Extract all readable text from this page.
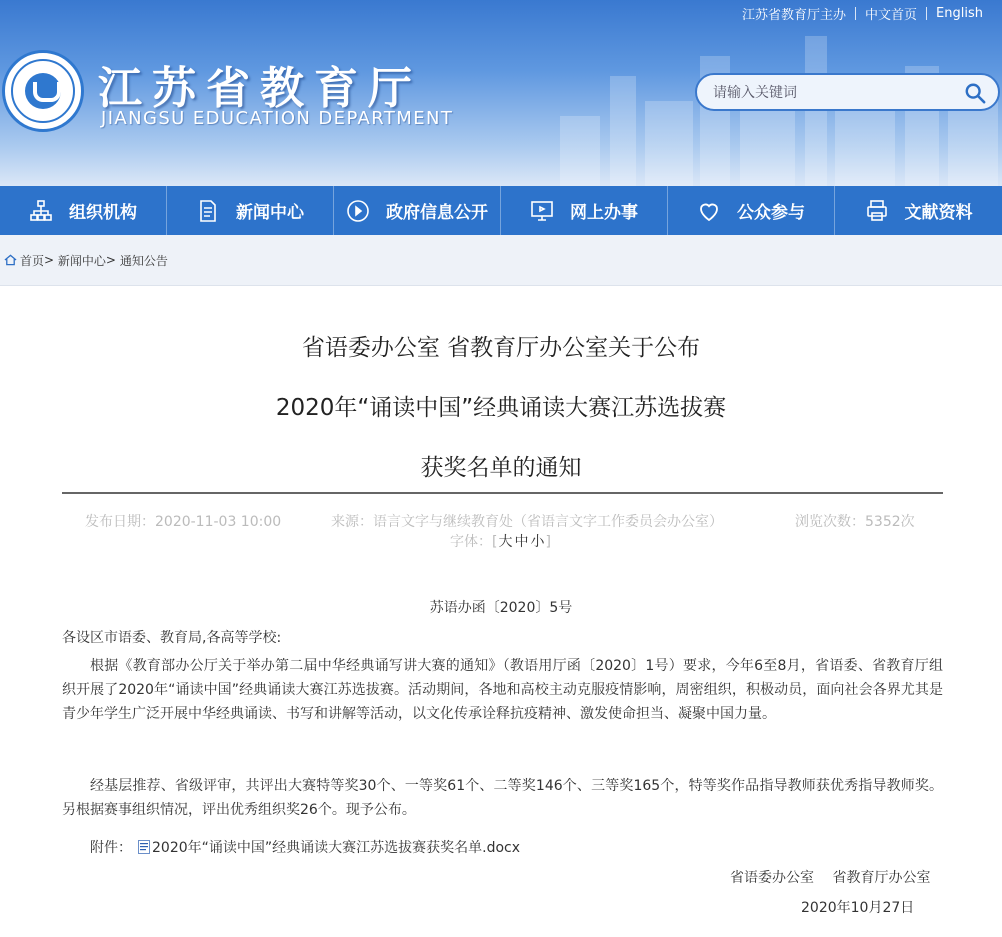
江苏省教育厅主办	中文首页	English
江苏省教育厅
JIANGSU EDUCATION DEPARTMENT
请输入关键词
组织机构	新闻中心	政府信息公开	网上办事	公众参与	文献资料
首页 >
新闻中心 >
通知公告
省语委办公室 省教育厅办公室关于公布
2020年“诵读中国”经典诵读大赛江苏选拔赛
获奖名单的通知
发布日期：2020-11-03 10:00	来源：语言文字与继续教育处（省语言文字工作委员会办公室）	浏览次数：5352次
字体：[大 中 小]
苏语办函〔2020〕5号
各设区市语委、教育局,各高等学校:
根据《教育部办公厅关于举办第二届中华经典诵写讲大赛的通知》（教语用厅函〔2020〕1号）要求，今年6至8月，省语委、省教育厅组织开展了2020年“诵读中国”经典诵读大赛江苏选拔赛。活动期间，各地和高校主动克服疫情影响，周密组织，积极动员，面向社会各界尤其是青少年学生广泛开展中华经典诵读、书写和讲解等活动，以文化传承诠释抗疫精神、激发使命担当、凝聚中国力量。
经基层推荐、省级评审，共评出大赛特等奖30个、一等奖61个、二等奖146个、三等奖165个，特等奖作品指导教师获优秀指导教师奖。另根据赛事组织情况，评出优秀组织奖26个。现予公布。
附件： 2020年“诵读中国”经典诵读大赛江苏选拔赛获奖名单.docx
省语委办公室　 省教育厅办公室
2020年10月27日
